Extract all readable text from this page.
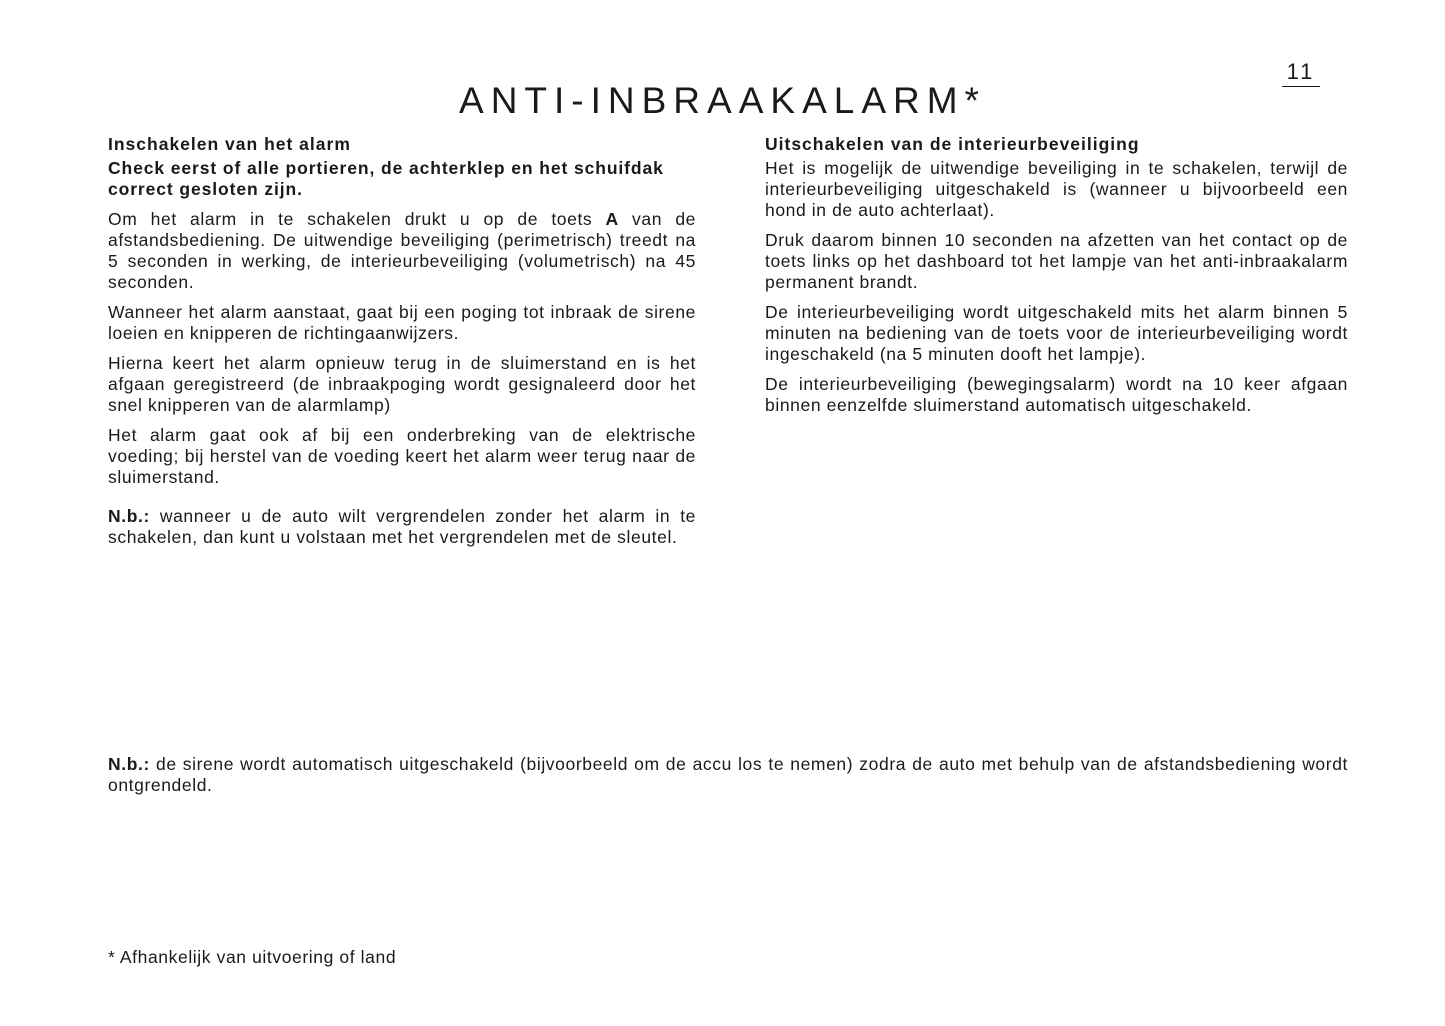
ANTI-INBRAAKALARM*
11

Inschakelen van het alarm

Check eerst of alle portieren, de achterklep en het schuifdak correct gesloten zijn.

Om het alarm in te schakelen drukt u op de toets A van de afstandsbediening. De uitwendige beveiliging (perimetrisch) treedt na 5 seconden in werking, de interieurbeveiliging (volumetrisch) na 45 seconden.

Wanneer het alarm aanstaat, gaat bij een poging tot inbraak de sirene loeien en knipperen de richtingaanwijzers.

Hierna keert het alarm opnieuw terug in de sluimerstand en is het afgaan geregistreerd (de inbraakpoging wordt gesignaleerd door het snel knipperen van de alarmlamp)

Het alarm gaat ook af bij een onderbreking van de elektrische voeding; bij herstel van de voeding keert het alarm weer terug naar de sluimerstand.

N.b.: wanneer u de auto wilt vergrendelen zonder het alarm in te schakelen, dan kunt u volstaan met het vergrendelen met de sleutel.

Uitschakelen van de interieurbeveiliging

Het is mogelijk de uitwendige beveiliging in te schakelen, terwijl de interieurbeveiliging uitgeschakeld is (wanneer u bijvoorbeeld een hond in de auto achterlaat).

Druk daarom binnen 10 seconden na afzetten van het contact op de toets links op het dashboard tot het lampje van het anti-inbraakalarm permanent brandt.

De interieurbeveiliging wordt uitgeschakeld mits het alarm binnen 5 minuten na bediening van de toets voor de interieurbeveiliging wordt ingeschakeld (na 5 minuten dooft het lampje).

De interieurbeveiliging (bewegingsalarm) wordt na 10 keer afgaan binnen eenzelfde sluimerstand automatisch uitgeschakeld.

N.b.: de sirene wordt automatisch uitgeschakeld (bijvoorbeeld om de accu los te nemen) zodra de auto met behulp van de afstandsbediening wordt ontgrendeld.

* Afhankelijk van uitvoering of land
